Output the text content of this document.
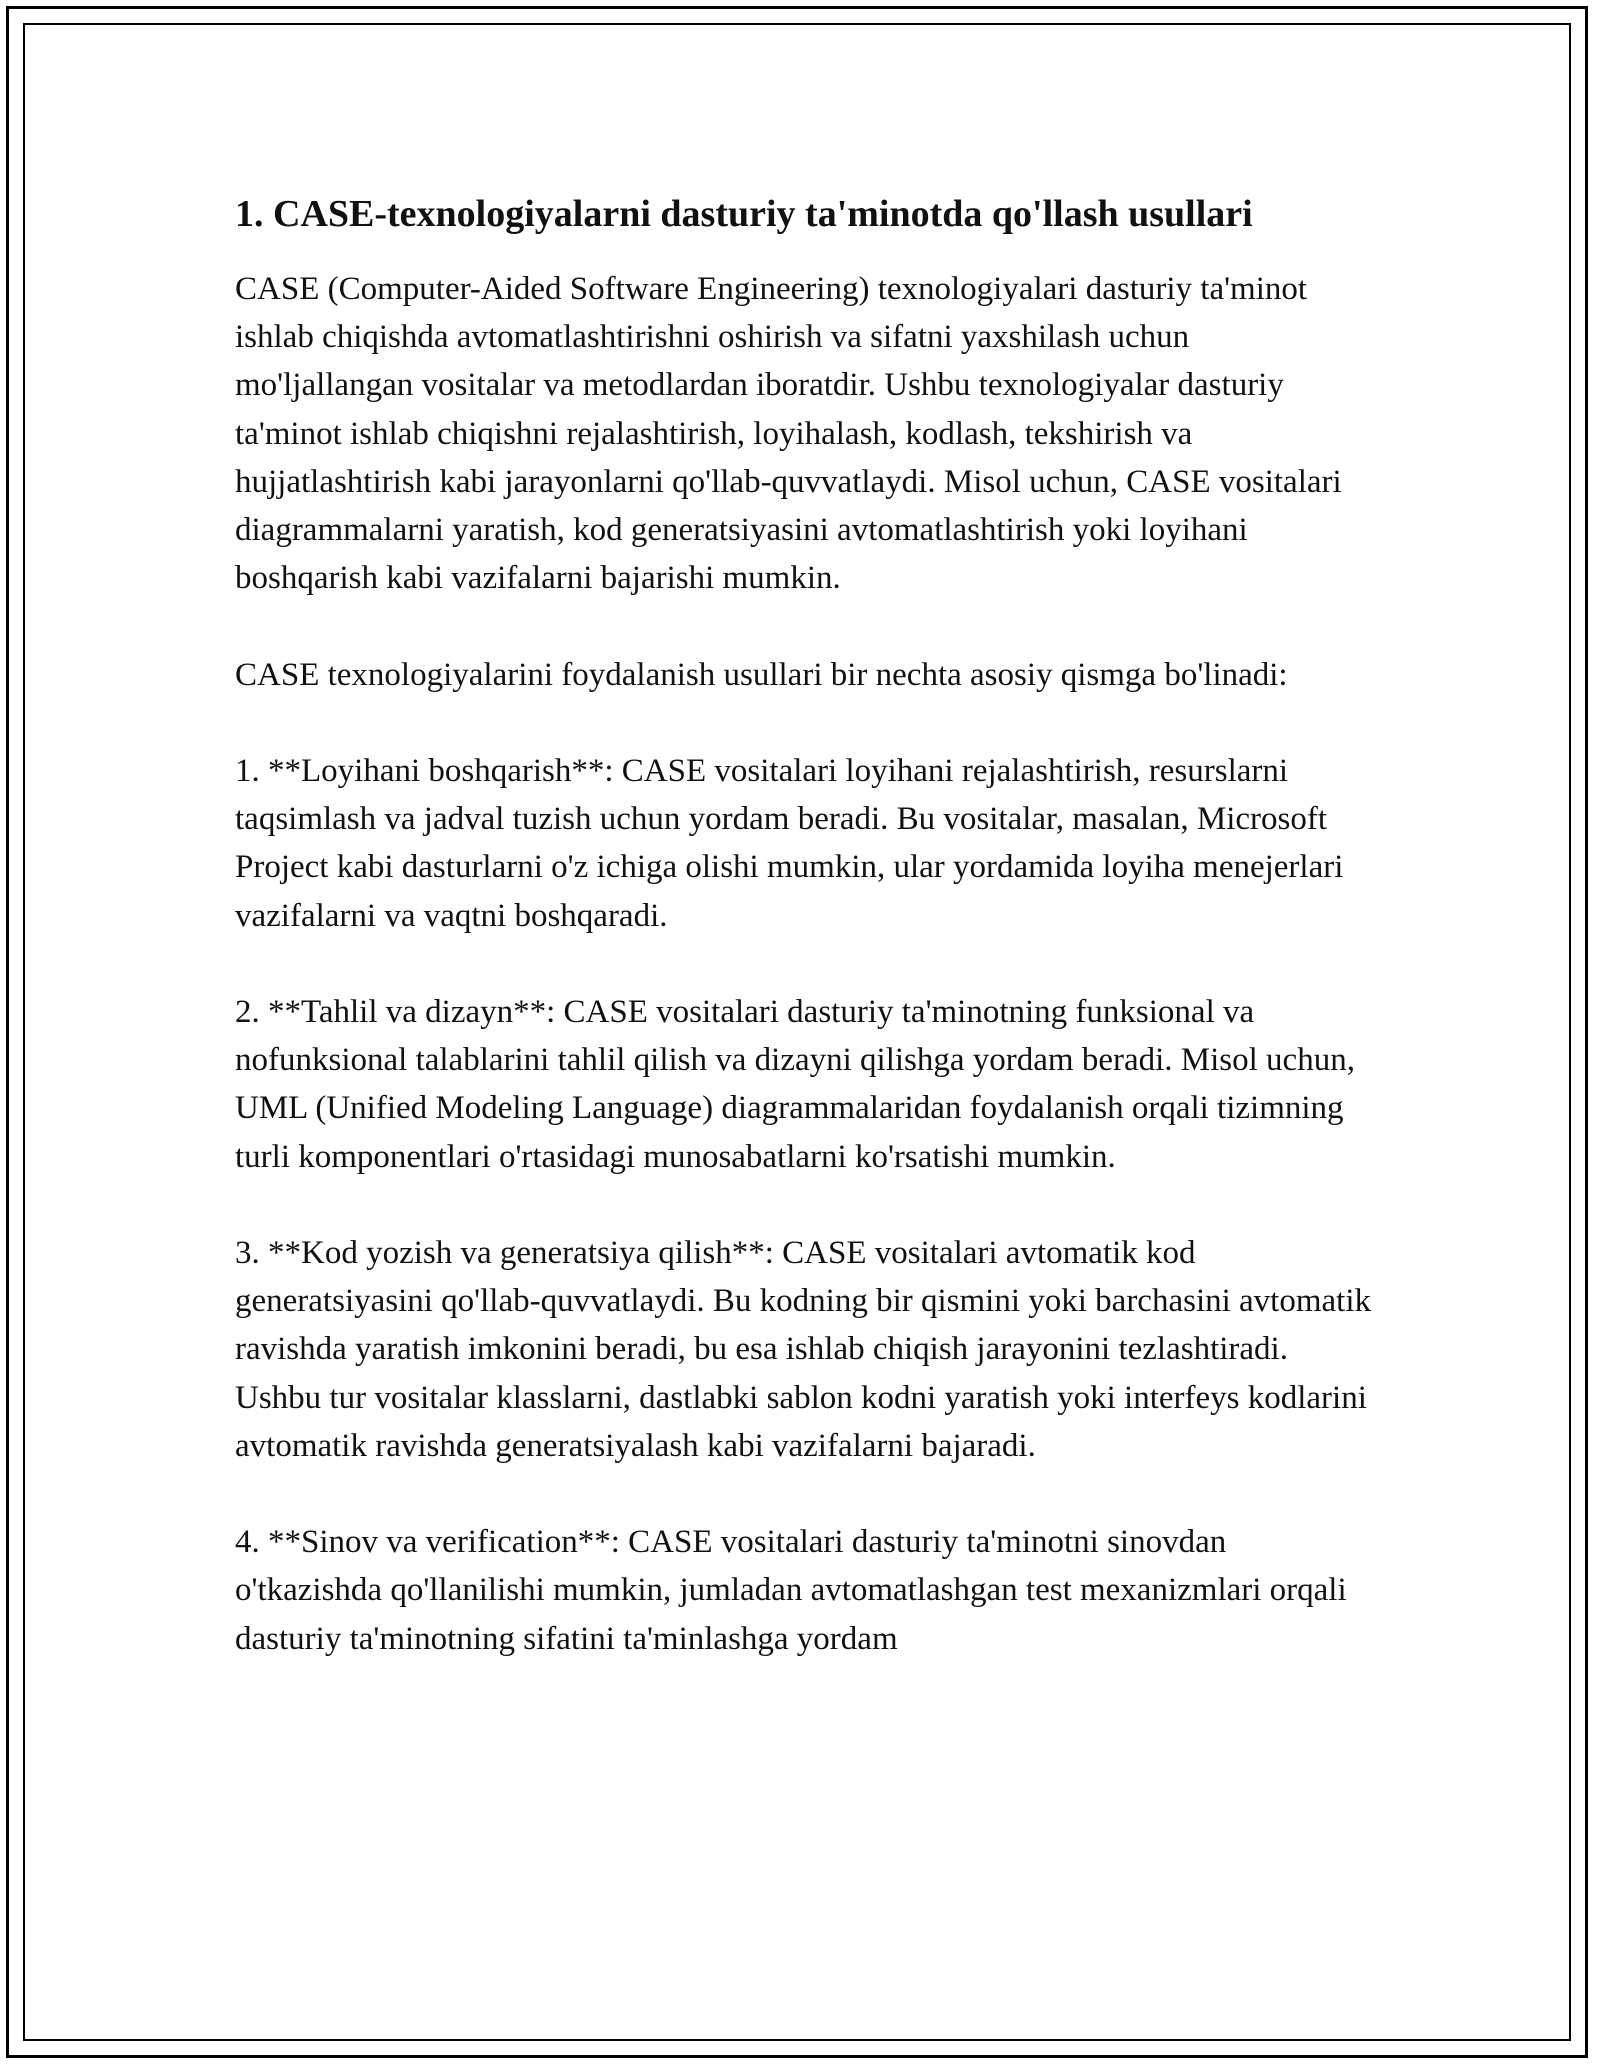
1. CASE-texnologiyalarni dasturiy ta'minotda qo'llash usullari

CASE (Computer-Aided Software Engineering) texnologiyalari dasturiy ta'minot ishlab chiqishda avtomatlashtirishni oshirish va sifatni yaxshilash uchun mo'ljallangan vositalar va metodlardan iboratdir. Ushbu texnologiyalar dasturiy ta'minot ishlab chiqishni rejalashtirish, loyihalash, kodlash, tekshirish va hujjatlashtirish kabi jarayonlarni qo'llab-quvvatlaydi. Misol uchun, CASE vositalari diagrammalarni yaratish, kod generatsiyasini avtomatlashtirish yoki loyihani boshqarish kabi vazifalarni bajarishi mumkin.

CASE texnologiyalarini foydalanish usullari bir nechta asosiy qismga bo'linadi:

1. **Loyihani boshqarish**: CASE vositalari loyihani rejalashtirish, resurslarni taqsimlash va jadval tuzish uchun yordam beradi. Bu vositalar, masalan, Microsoft Project kabi dasturlarni o'z ichiga olishi mumkin, ular yordamida loyiha menejerlari vazifalarni va vaqtni boshqaradi.

2. **Tahlil va dizayn**: CASE vositalari dasturiy ta'minotning funksional va nofunksional talablarini tahlil qilish va dizayni qilishga yordam beradi. Misol uchun, UML (Unified Modeling Language) diagrammalaridan foydalanish orqali tizimning turli komponentlari o'rtasidagi munosabatlarni ko'rsatishi mumkin.

3. **Kod yozish va generatsiya qilish**: CASE vositalari avtomatik kod generatsiyasini qo'llab-quvvatlaydi. Bu kodning bir qismini yoki barchasini avtomatik ravishda yaratish imkonini beradi, bu esa ishlab chiqish jarayonini tezlashtiradi. Ushbu tur vositalar klasslarni, dastlabki sablon kodni yaratish yoki interfeys kodlarini avtomatik ravishda generatsiyalash kabi vazifalarni bajaradi.

4. **Sinov va verification**: CASE vositalari dasturiy ta'minotni sinovdan o'tkazishda qo'llanilishi mumkin, jumladan avtomatlashgan test mexanizmlari orqali dasturiy ta'minotning sifatini ta'minlashga yordam
